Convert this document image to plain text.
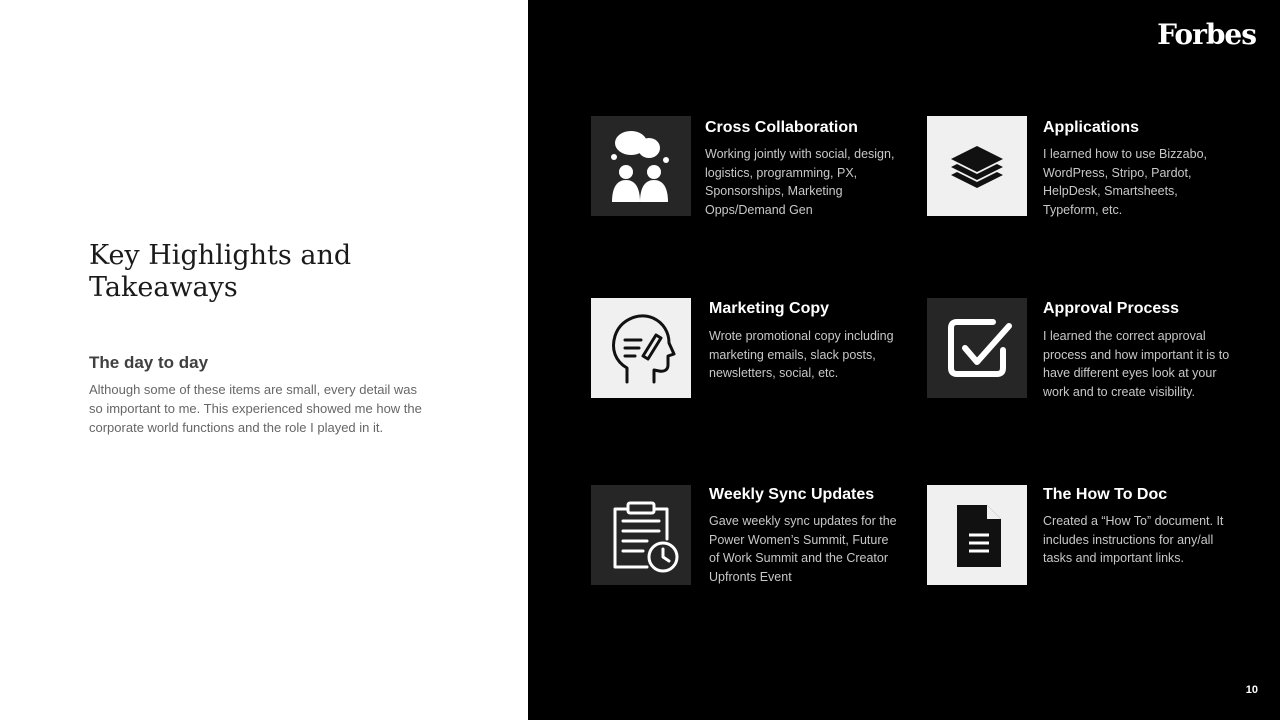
Key Highlights and Takeaways
The day to day
Although some of these items are small, every detail was so important to me. This experienced showed me how the corporate world functions and the role I played in it.
Forbes
Cross Collaboration
Working jointly with social, design, logistics, programming, PX, Sponsorships, Marketing Opps/Demand Gen
Applications
I learned how to use Bizzabo, WordPress, Stripo, Pardot, HelpDesk, Smartsheets, Typeform, etc.
Marketing Copy
Wrote promotional copy including marketing emails, slack posts, newsletters, social, etc.
Approval Process
I learned the correct approval process and how important it is to have different eyes look at your work and to create visibility.
Weekly Sync Updates
Gave weekly sync updates for the Power Women’s Summit, Future of Work Summit and the Creator Upfronts Event
The How To Doc
Created a “How To” document. It includes instructions for any/all tasks and important links.
10
